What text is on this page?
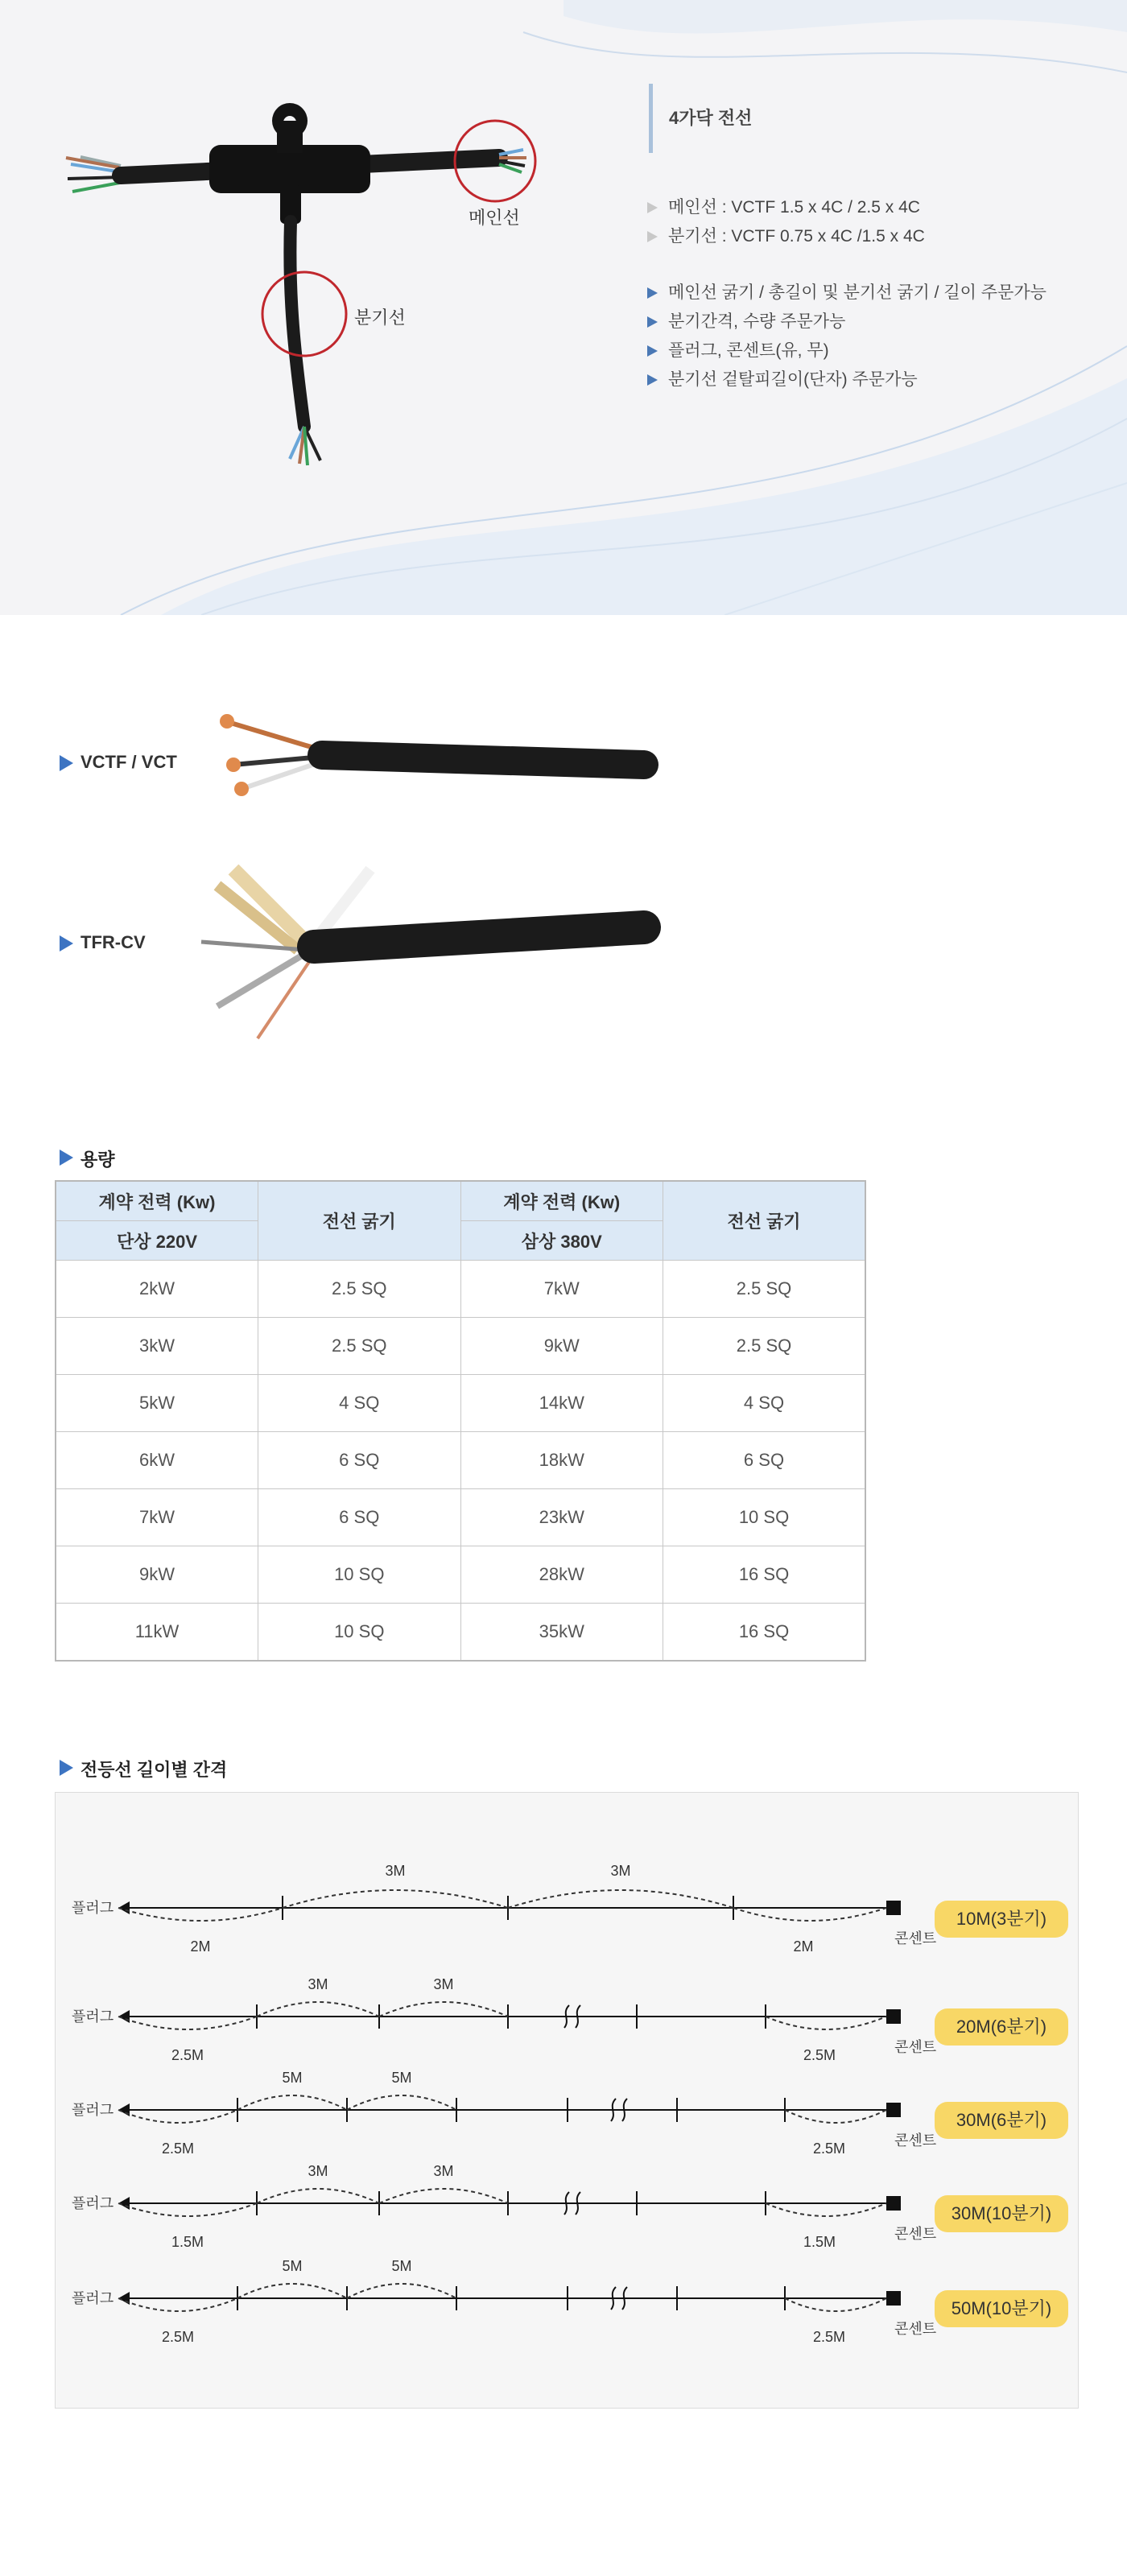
메인선
분기선
4가닥 전선
메인선 : VCTF 1.5 x 4C / 2.5 x 4C
분기선 : VCTF 0.75 x 4C /1.5 x 4C
메인선 굵기 / 총길이 및 분기선 굵기 / 길이 주문가능
분기간격, 수량 주문가능
플러그, 콘센트(유, 무)
분기선 겉탈피길이(단자) 주문가능
VCTF / VCT
TFR-CV
용량
계약 전력 (Kw)	전선 굵기	계약 전력 (Kw)	전선 굵기
단상 220V		삼상 380V	
2kW	2.5 SQ	7kW	2.5 SQ
3kW	2.5 SQ	9kW	2.5 SQ
5kW	4 SQ	14kW	4 SQ
6kW	6 SQ	18kW	6 SQ
7kW	6 SQ	23kW	10 SQ
9kW	10 SQ	28kW	16 SQ
11kW	10 SQ	35kW	16 SQ
전등선 길이별 간격
플러그
콘센트
3M	3M
2M	2M
플러그
콘센트
3M	3M
2.5M	2.5M
플러그
콘센트
5M	5M
2.5M	2.5M
플러그
콘센트
3M	3M
1.5M	1.5M
플러그
콘센트
5M	5M
2.5M	2.5M
10M(3분기)
20M(6분기)
30M(6분기)
30M(10분기)
50M(10분기)
